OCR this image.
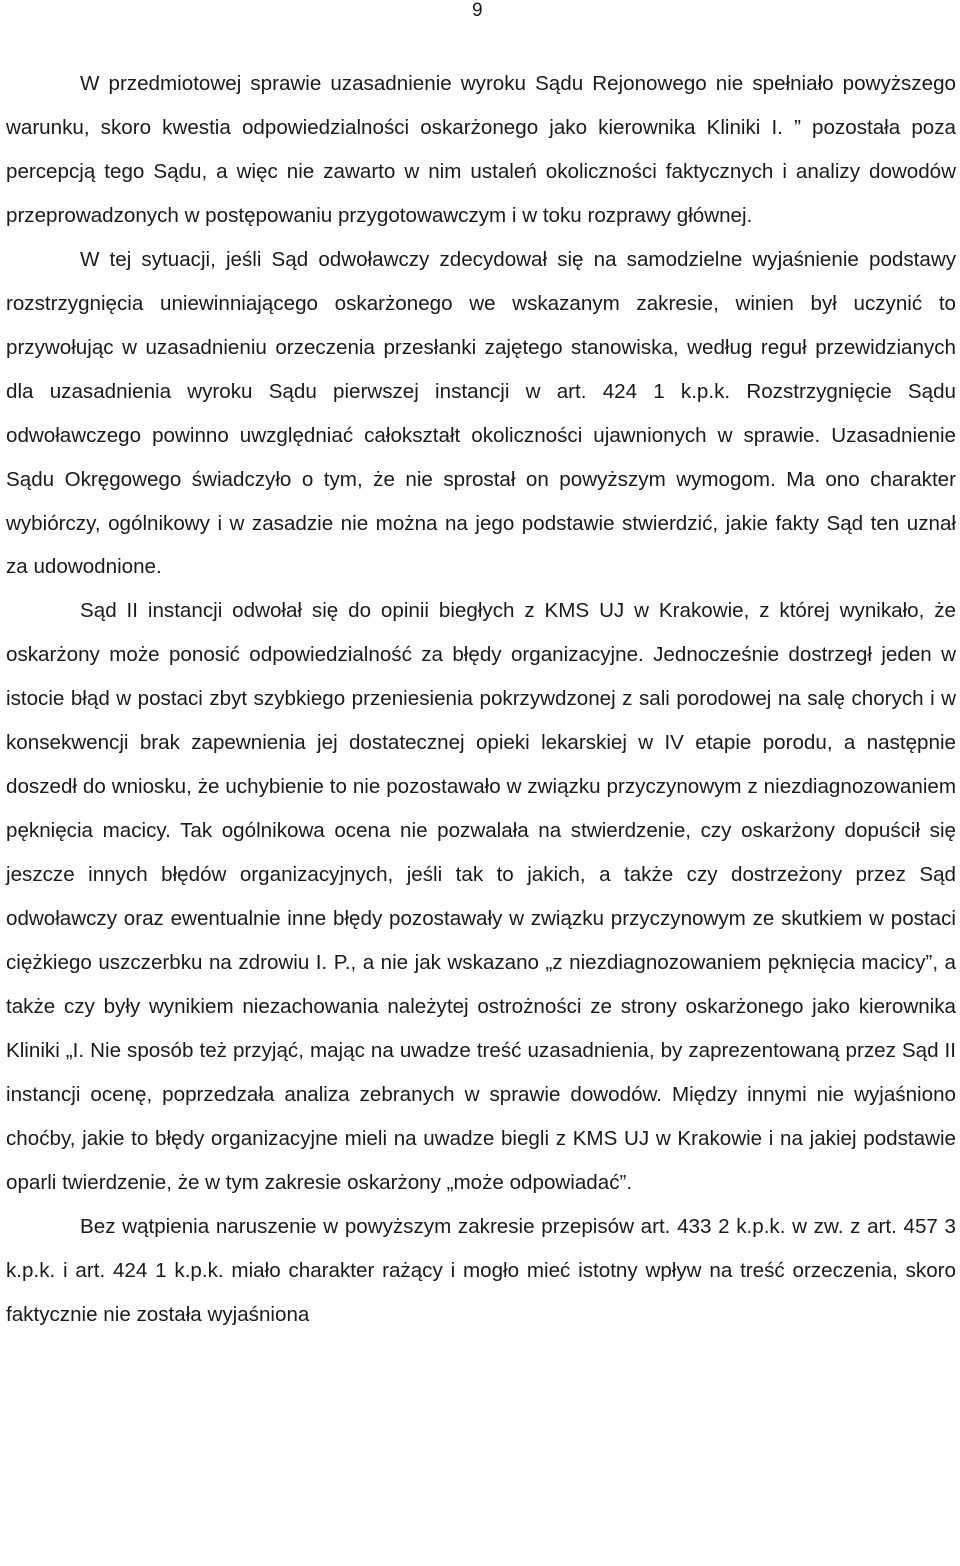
9

W przedmiotowej sprawie uzasadnienie wyroku Sądu Rejonowego nie spełniało powyższego warunku, skoro kwestia odpowiedzialności oskarżonego jako kierownika Kliniki I. ” pozostała poza percepcją tego Sądu, a więc nie zawarto w nim ustaleń okoliczności faktycznych i analizy dowodów przeprowadzonych w postępowaniu przygotowawczym i w toku rozprawy głównej.

W tej sytuacji, jeśli Sąd odwoławczy zdecydował się na samodzielne wyjaśnienie podstawy rozstrzygnięcia uniewinniającego oskarżonego we wskazanym zakresie, winien był uczynić to przywołując w uzasadnieniu orzeczenia przesłanki zajętego stanowiska, według reguł przewidzianych dla uzasadnienia wyroku Sądu pierwszej instancji w art. 424 1 k.p.k. Rozstrzygnięcie Sądu odwoławczego powinno uwzględniać całokształt okoliczności ujawnionych w sprawie. Uzasadnienie Sądu Okręgowego świadczyło o tym, że nie sprostał on powyższym wymogom. Ma ono charakter wybiórczy, ogólnikowy i w zasadzie nie można na jego podstawie stwierdzić, jakie fakty Sąd ten uznał za udowodnione.

Sąd II instancji odwołał się do opinii biegłych z KMS UJ w Krakowie, z której wynikało, że oskarżony może ponosić odpowiedzialność za błędy organizacyjne. Jednocześnie dostrzegł jeden w istocie błąd w postaci zbyt szybkiego przeniesienia pokrzywdzonej z sali porodowej na salę chorych i w konsekwencji brak zapewnienia jej dostatecznej opieki lekarskiej w IV etapie porodu, a następnie doszedł do wniosku, że uchybienie to nie pozostawało w związku przyczynowym z niezdiagnozowaniem pęknięcia macicy. Tak ogólnikowa ocena nie pozwalała na stwierdzenie, czy oskarżony dopuścił się jeszcze innych błędów organizacyjnych, jeśli tak to jakich, a także czy dostrzeżony przez Sąd odwoławczy oraz ewentualnie inne błędy pozostawały w związku przyczynowym ze skutkiem w postaci ciężkiego uszczerbku na zdrowiu I. P., a nie jak wskazano „z niezdiagnozowaniem pęknięcia macicy”, a także czy były wynikiem niezachowania należytej ostrożności ze strony oskarżonego jako kierownika Kliniki „I. Nie sposób też przyjąć, mając na uwadze treść uzasadnienia, by zaprezentowaną przez Sąd II instancji ocenę, poprzedzała analiza zebranych w sprawie dowodów. Między innymi nie wyjaśniono choćby, jakie to błędy organizacyjne mieli na uwadze biegli z KMS UJ w Krakowie i na jakiej podstawie oparli twierdzenie, że w tym zakresie oskarżony „może odpowiadać”.

Bez wątpienia naruszenie w powyższym zakresie przepisów art. 433 2 k.p.k. w zw. z art. 457 3 k.p.k. i art. 424 1 k.p.k. miało charakter rażący i mogło mieć istotny wpływ na treść orzeczenia, skoro faktycznie nie została wyjaśniona
